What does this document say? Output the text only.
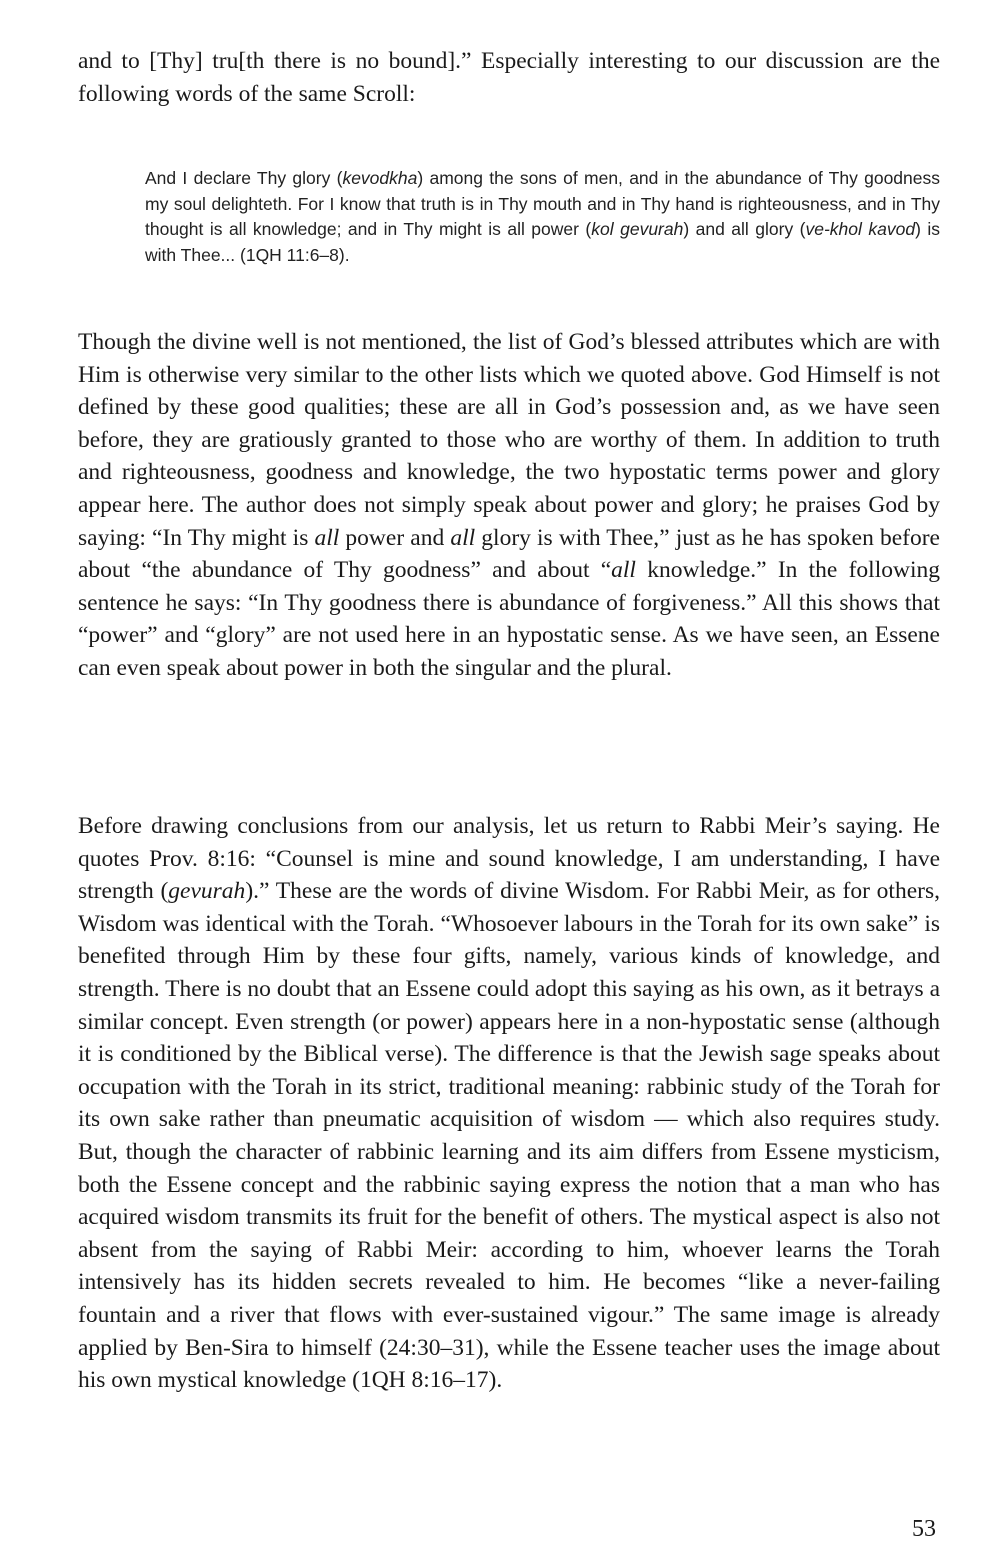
and to [Thy] tru[th there is no bound].” Especially interesting to our discussion are the following words of the same Scroll:

And I declare Thy glory (kevodkha) among the sons of men, and in the abundance of Thy goodness my soul delighteth. For I know that truth is in Thy mouth and in Thy hand is righteousness, and in Thy thought is all knowledge; and in Thy might is all power (kol gevurah) and all glory (ve-khol kavod) is with Thee... (1QH 11:6–8).

Though the divine well is not mentioned, the list of God’s blessed attributes which are with Him is otherwise very similar to the other lists which we quoted above. God Himself is not defined by these good qualities; these are all in God’s possession and, as we have seen before, they are gratiously granted to those who are worthy of them. In addition to truth and righteousness, goodness and knowledge, the two hypostatic terms power and glory appear here. The author does not simply speak about power and glory; he praises God by saying: “In Thy might is all power and all glory is with Thee,” just as he has spoken before about “the abundance of Thy goodness” and about “all knowledge.” In the following sentence he says: “In Thy goodness there is abundance of forgiveness.” All this shows that “power” and “glory” are not used here in an hypostatic sense. As we have seen, an Essene can even speak about power in both the singular and the plural.

Before drawing conclusions from our analysis, let us return to Rabbi Meir’s saying. He quotes Prov. 8:16: “Counsel is mine and sound knowledge, I am understanding, I have strength (gevurah).” These are the words of divine Wisdom. For Rabbi Meir, as for others, Wisdom was identical with the Torah. “Whosoever labours in the Torah for its own sake” is benefited through Him by these four gifts, namely, various kinds of knowledge, and strength. There is no doubt that an Essene could adopt this saying as his own, as it betrays a similar concept. Even strength (or power) appears here in a non-hypostatic sense (although it is conditioned by the Biblical verse). The difference is that the Jewish sage speaks about occupation with the Torah in its strict, traditional meaning: rabbinic study of the Torah for its own sake rather than pneumatic acquisition of wisdom — which also requires study. But, though the character of rabbinic learning and its aim differs from Essene mysticism, both the Essene concept and the rabbinic saying express the notion that a man who has acquired wisdom transmits its fruit for the benefit of others. The mystical aspect is also not absent from the saying of Rabbi Meir: according to him, whoever learns the Torah intensively has its hidden secrets revealed to him. He becomes “like a never-failing fountain and a river that flows with ever-sustained vigour.” The same image is already applied by Ben-Sira to himself (24:30–31), while the Essene teacher uses the image about his own mystical knowledge (1QH 8:16–17).

53
